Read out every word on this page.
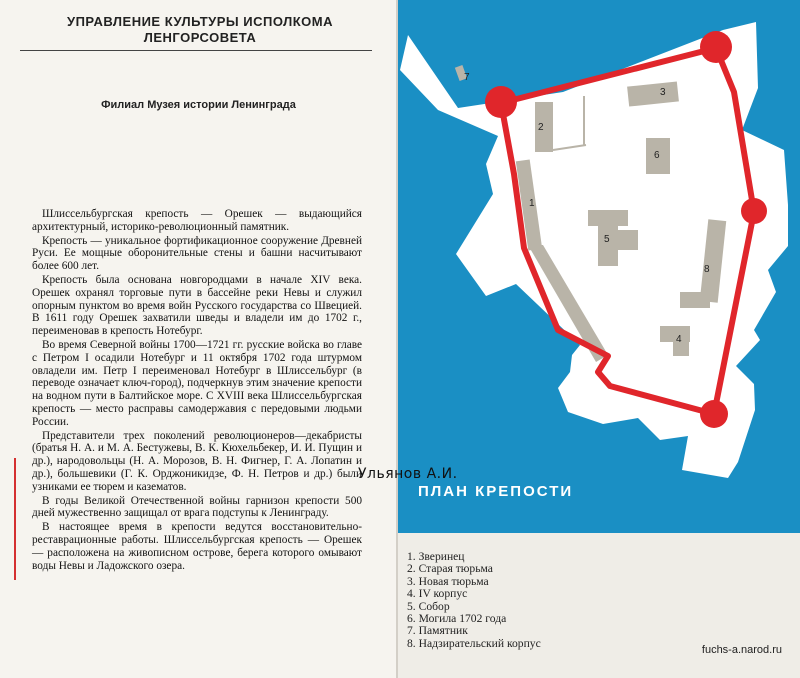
УПРАВЛЕНИЕ КУЛЬТУРЫ ИСПОЛКОМА
ЛЕНГОРСОВЕТА
Филиал Музея истории Ленинграда

Шлиссельбургская крепость — Орешек — выдающийся архитектурный, историко-революционный памятник.

Крепость — уникальное фортификационное сооружение Древней Руси. Ее мощные оборонительные стены и башни насчитывают более 600 лет.

Крепость была основана новгородцами в начале XIV века. Орешек охранял торговые пути в бассейне реки Невы и служил опорным пунктом во время войн Русского государства со Швецией. В 1611 году Орешек захватили шведы и владели им до 1702 г., переименовав в крепость Нотебург.

Во время Северной войны 1700—1721 гг. русские войска во главе с Петром I осадили Нотебург и 11 октября 1702 года штурмом овладели им. Петр I переименовал Нотебург в Шлиссельбург (в переводе означает ключ-город), подчеркнув этим значение крепости на водном пути в Балтийское море. С XVIII века Шлиссельбургская крепость — место расправы самодержавия с передовыми людьми России.

Представители трех поколений революционеров—декабристы (братья Н. А. и М. А. Бестужевы, В. К. Кюхельбекер, И. И. Пущин и др.), народовольцы (Н. А. Морозов, В. Н. Фигнер, Г. А. Лопатин и др.), большевики (Г. К. Орджоникидзе, Ф. Н. Петров и др.) были узниками ее тюрем и казематов.

В годы Великой Отечественной войны гарнизон крепости 500 дней мужественно защищал от врага подступы к Ленинграду.

В настоящее время в крепости ведутся восстановительно-реставрационные работы. Шлиссельбургская крепость — Орешек — расположена на живописном острове, берега которого омывают воды Невы и Ладожского озера.

1
2
3
4
5
6
7
8
Ульянов А.И.
ПЛАН КРЕПОСТИ
1. Зверинец
2. Старая тюрьма
3. Новая тюрьма
4. IV корпус
5. Собор
6. Могила 1702 года
7. Памятник
8. Надзирательский корпус
fuchs-a.narod.ru
